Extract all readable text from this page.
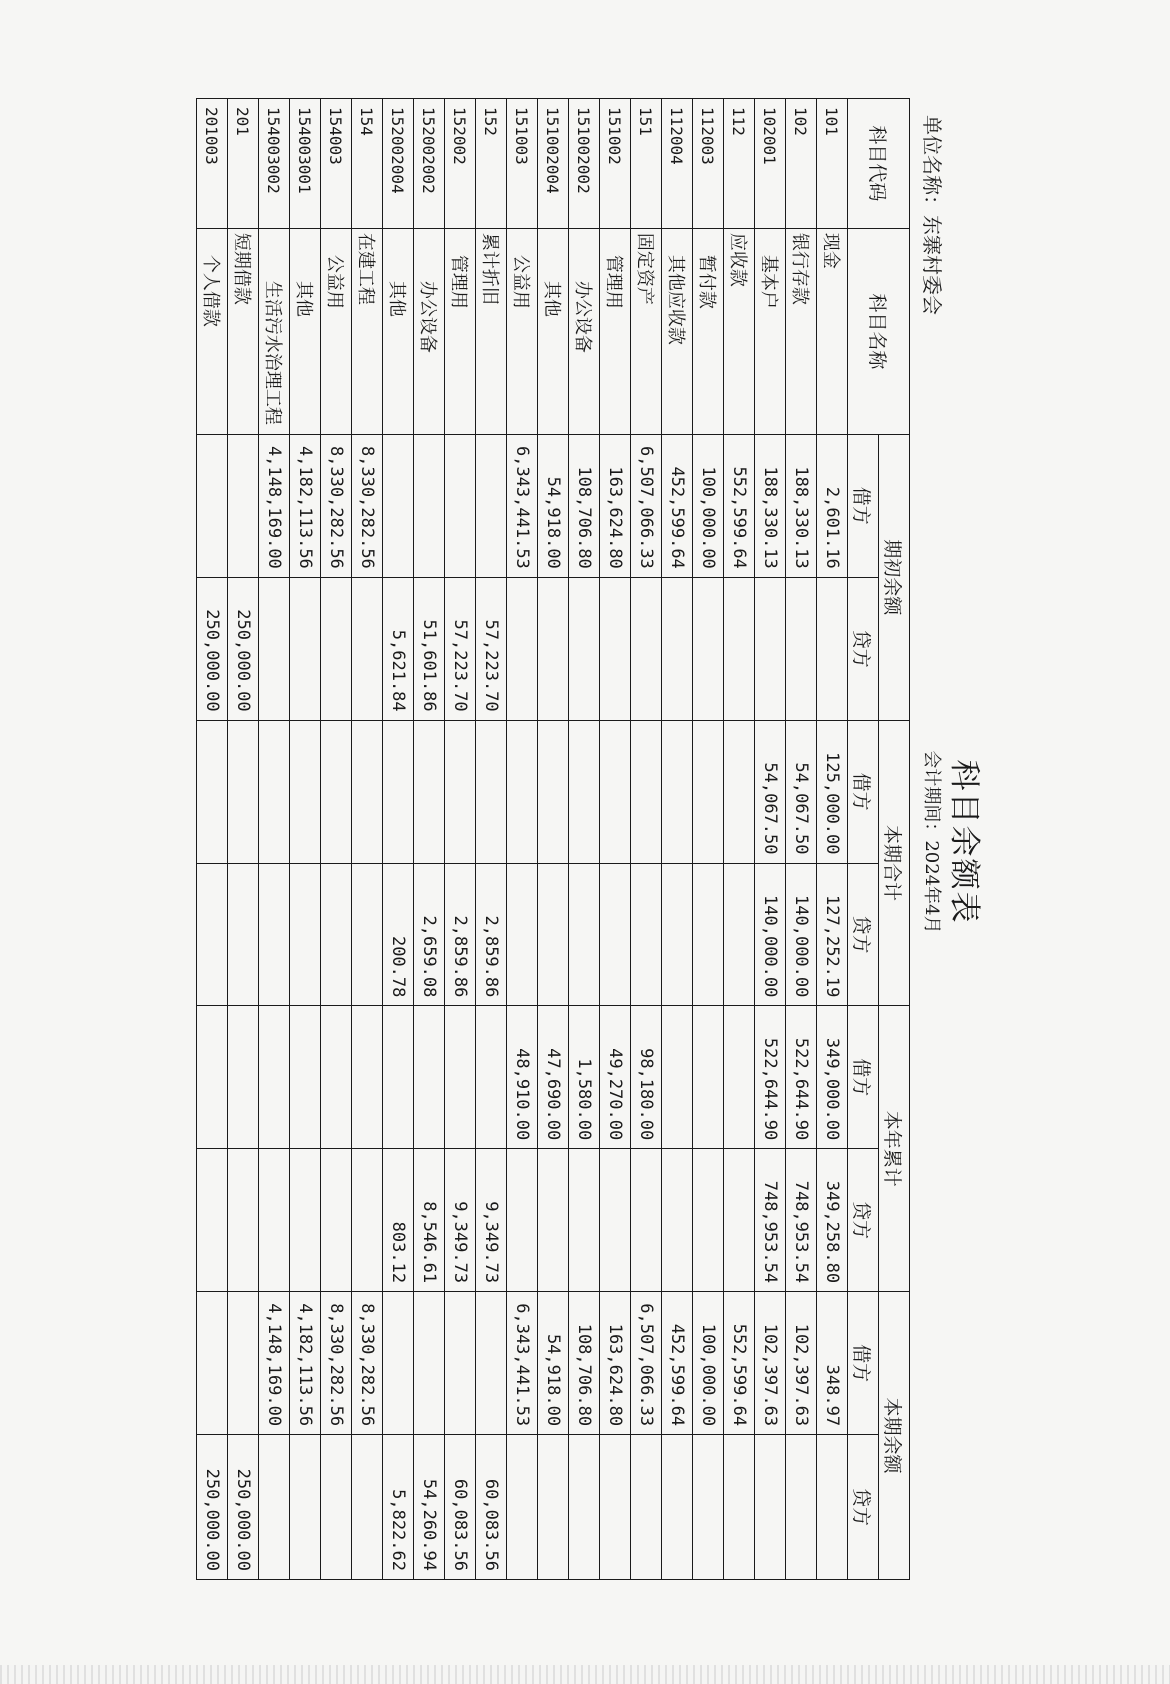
科目余额表
会计期间：2024年4月
单位名称：东寨村委会
科目代码	科目名称	期初余额		本期合计		本年累计		本期余额	
		借方	贷方	借方	贷方	借方	贷方	借方	贷方
101	现金	2,601.16		125,000.00	127,252.19	349,000.00	349,258.80	348.97	
102	银行存款	188,330.13		54,067.50	140,000.00	522,644.90	748,953.54	102,397.63	
102001	基本户	188,330.13		54,067.50	140,000.00	522,644.90	748,953.54	102,397.63	
112	应收款	552,599.64						552,599.64	
112003	暂付款	100,000.00						100,000.00	
112004	其他应收款	452,599.64						452,599.64	
151	固定资产	6,507,066.33				98,180.00		6,507,066.33	
151002	管理用	163,624.80				49,270.00		163,624.80	
151002002	办公设备	108,706.80				1,580.00		108,706.80	
151002004	其他	54,918.00				47,690.00		54,918.00	
151003	公益用	6,343,441.53				48,910.00		6,343,441.53	
152	累计折旧		57,223.70		2,859.86		9,349.73		60,083.56
152002	管理用		57,223.70		2,859.86		9,349.73		60,083.56
152002002	办公设备		51,601.86		2,659.08		8,546.61		54,260.94
152002004	其他		5,621.84		200.78		803.12		5,822.62
154	在建工程	8,330,282.56						8,330,282.56	
154003	公益用	8,330,282.56						8,330,282.56	
154003001	其他	4,182,113.56						4,182,113.56	
154003002	生活污水治理工程	4,148,169.00						4,148,169.00	
201	短期借款		250,000.00						250,000.00
201003	个人借款		250,000.00						250,000.00
